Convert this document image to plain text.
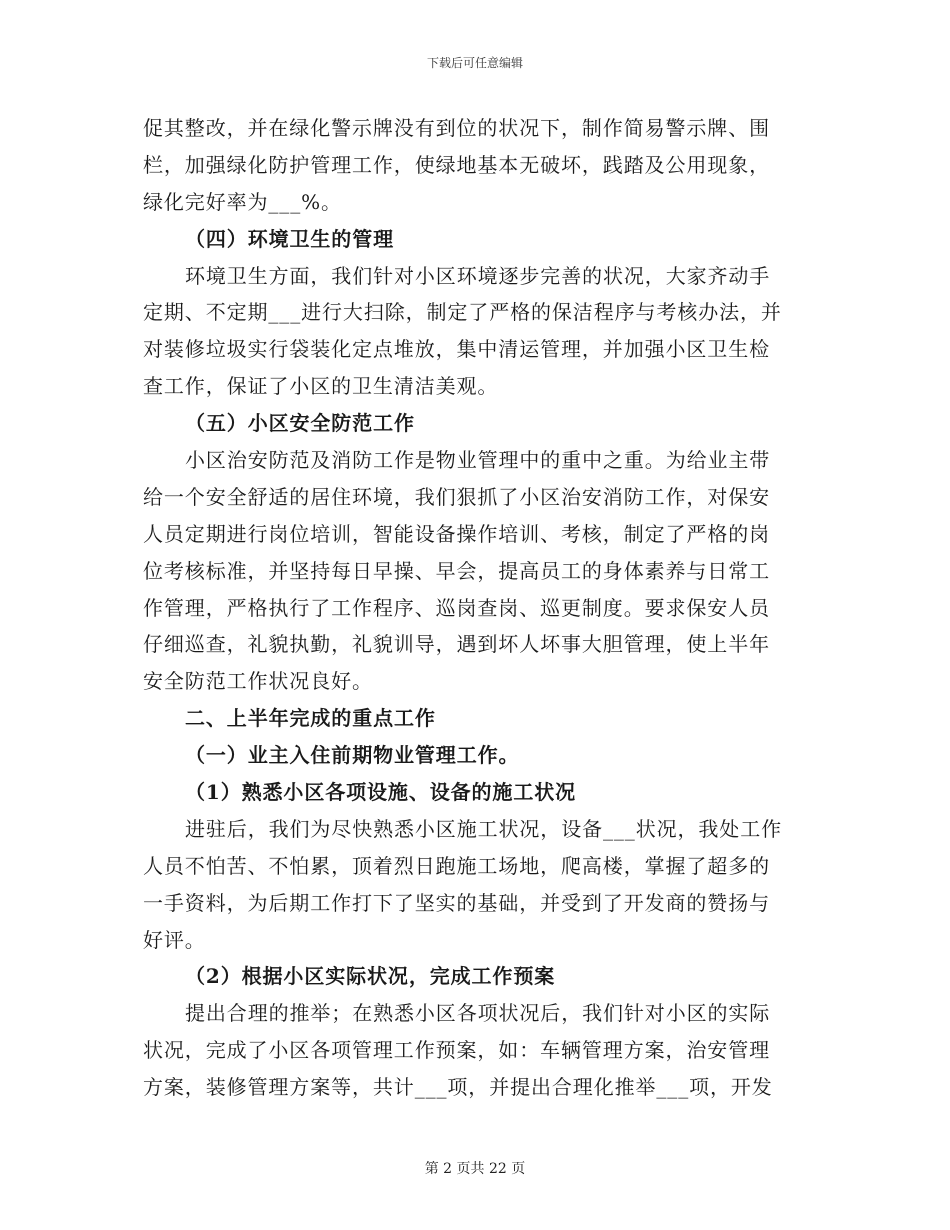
下载后可任意编辑
促其整改，并在绿化警示牌没有到位的状况下，制作简易警示牌、围
栏，加强绿化防护管理工作，使绿地基本无破坏，践踏及公用现象，
绿化完好率为___%。
（四）环境卫生的管理
环境卫生方面，我们针对小区环境逐步完善的状况，大家齐动手
定期、不定期___进行大扫除，制定了严格的保洁程序与考核办法，并
对装修垃圾实行袋装化定点堆放，集中清运管理，并加强小区卫生检
查工作，保证了小区的卫生清洁美观。
（五）小区安全防范工作
小区治安防范及消防工作是物业管理中的重中之重。为给业主带
给一个安全舒适的居住环境，我们狠抓了小区治安消防工作，对保安
人员定期进行岗位培训，智能设备操作培训、考核，制定了严格的岗
位考核标准，并坚持每日早操、早会，提高员工的身体素养与日常工
作管理，严格执行了工作程序、巡岗查岗、巡更制度。要求保安人员
仔细巡查，礼貌执勤，礼貌训导，遇到坏人坏事大胆管理，使上半年
安全防范工作状况良好。
二、上半年完成的重点工作
（一）业主入住前期物业管理工作。
（1）熟悉小区各项设施、设备的施工状况
进驻后，我们为尽快熟悉小区施工状况，设备___状况，我处工作
人员不怕苦、不怕累，顶着烈日跑施工场地，爬高楼，掌握了超多的
一手资料，为后期工作打下了坚实的基础，并受到了开发商的赞扬与
好评。
（2）根据小区实际状况，完成工作预案
提出合理的推举；在熟悉小区各项状况后，我们针对小区的实际
状况，完成了小区各项管理工作预案，如：车辆管理方案，治安管理
方案，装修管理方案等，共计___项，并提出合理化推举___项，开发
第 2 页共 22 页
